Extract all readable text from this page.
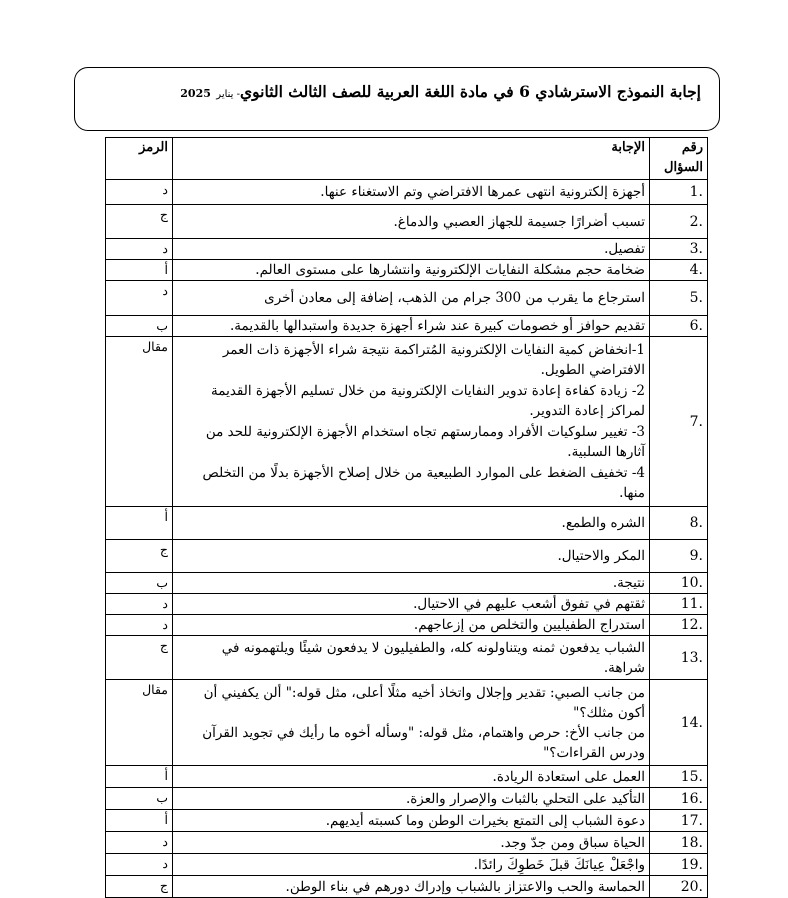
إجابة النموذج الاسترشادي 6 في مادة اللغة العربية للصف الثالث الثانوي- يناير 2025
رقم
السؤال	الإجابة	الرمز
.1	أجهزة إلكترونية انتهى عمرها الافتراضي وتم الاستغناء عنها.	د
.2	تسبب أضرارًا جسيمة للجهاز العصبي والدماغ.	ج
.3	تفصيل.	د
.4	ضخامة حجم مشكلة النفايات الإلكترونية وانتشارها على مستوى العالم.	أ
.5	استرجاع ما يقرب من 300 جرام من الذهب، إضافة إلى معادن أخرى	د
.6	تقديم حوافز أو خصومات كبيرة عند شراء أجهزة جديدة واستبدالها بالقديمة.	ب
.7	1-انخفاض كمية النفايات الإلكترونية المُتراكمة نتيجة شراء الأجهزة ذات العمر الافتراضي الطويل.
2- زيادة كفاءة إعادة تدوير النفايات الإلكترونية من خلال تسليم الأجهزة القديمة لمراكز إعادة التدوير.
3- تغيير سلوكيات الأفراد وممارستهم تجاه استخدام الأجهزة الإلكترونية للحد من آثارها السلبية.
4- تخفيف الضغط على الموارد الطبيعية من خلال إصلاح الأجهزة بدلًا من التخلص منها.	مقال
.8	الشره والطمع.	أ
.9	المكر والاحتيال.	ج
.10	نتيجة.	ب
.11	ثقتهم في تفوق أشعب عليهم في الاحتيال.	د
.12	استدراج الطفيليين والتخلص من إزعاجهم.	د
.13	الشباب يدفعون ثمنه ويتناولونه كله، والطفيليون لا يدفعون شيئًا ويلتهمونه في شراهة.	ج
.14	من جانب الصبي: تقدير وإجلال واتخاذ أخيه مثلًا أعلى، مثل قوله:" ألن يكفيني أن أكون مثلك؟"
من جانب الأخ: حرص واهتمام، مثل قوله: "وسأله أخوه ما رأيك في تجويد القرآن ودرس القراءات؟"	مقال
.15	العمل على استعادة الريادة.	أ
.16	التأكيد على التحلي بالثبات والإصرار والعزة.	ب
.17	دعوة الشباب إلى التمتع بخيرات الوطن وما كسبته أيديهم.	أ
.18	الحياة سباق ومن جدّ وجد.	د
.19	واجْعَلْ عِيانَكَ قبلَ خَطوِكَ رائدًا.	د
.20	الحماسة والحب والاعتزاز بالشباب وإدراك دورهم في بناء الوطن.	ج
